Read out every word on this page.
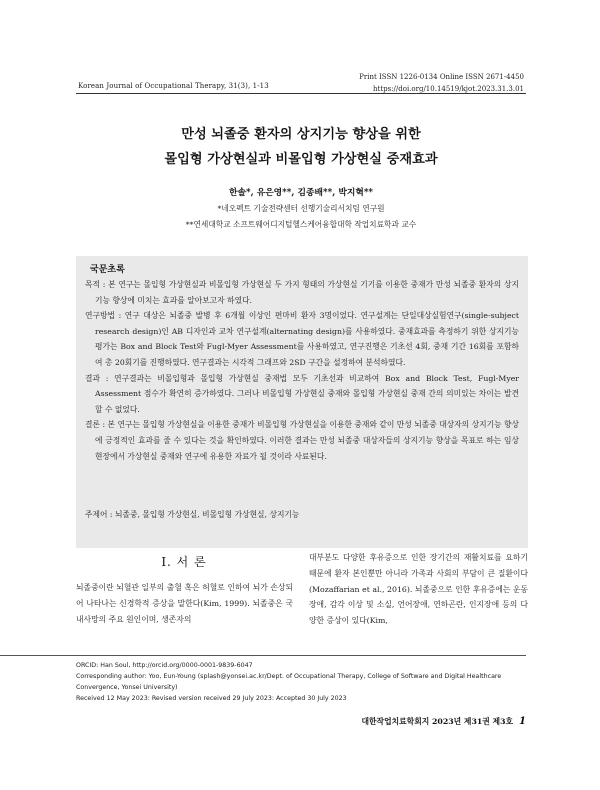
Korean Journal of Occupational Therapy, 31(3), 1-13
Print ISSN 1226-0134 Online ISSN 2671-4450
https://doi.org/10.14519/kjot.2023.31.3.01
만성 뇌졸중 환자의 상지기능 향상을 위한
몰입형 가상현실과 비몰입형 가상현실 중재효과
한솔*, 유은영**, 김종배**, 박지혁**
*네오펙트 기술전략센터 선행기술리서치팀 연구원
**연세대학교 소프트웨어디지털헬스케어융합대학 작업치료학과 교수
국문초록

목적 : 본 연구는 몰입형 가상현실과 비몰입형 가상현실 두 가지 형태의 가상현실 기기를 이용한 중재가 만성 뇌졸중 환자의 상지기능 향상에 미치는 효과를 알아보고자 하였다.

연구방법 : 연구 대상은 뇌졸중 발병 후 6개월 이상인 편마비 환자 3명이었다. 연구설계는 단일대상실험연구(single-subject research design)인 AB 디자인과 교차 연구설계(alternating design)를 사용하였다. 중재효과를 측정하기 위한 상지기능 평가는 Box and Block Test와 Fugl-Myer Assessment를 사용하였고, 연구진행은 기초선 4회, 중재 기간 16회를 포함하여 총 20회기를 진행하였다. 연구결과는 시각적 그래프와 2SD 구간을 설정하여 분석하였다.

결과 : 연구결과는 비몰입형과 몰입형 가상현실 중재법 모두 기초선과 비교하여 Box and Block Test, Fugl-Myer Assessment 점수가 확연히 증가하였다. 그러나 비몰입형 가상현실 중재와 몰입형 가상현실 중재 간의 의미있는 차이는 발견할 수 없었다.

결론 : 본 연구는 몰입형 가상현실을 이용한 중재가 비몰입형 가상현실을 이용한 중재와 같이 만성 뇌졸중 대상자의 상지기능 향상에 긍정적인 효과를 줄 수 있다는 것을 확인하였다. 이러한 결과는 만성 뇌졸중 대상자들의 상지기능 향상을 목표로 하는 임상현장에서 가상현실 중재와 연구에 유용한 자료가 될 것이라 사료된다.

주제어 : 뇌졸중, 몰입형 가상현실, 비몰입형 가상현실, 상지기능
Ⅰ. 서 론

뇌졸중이란 뇌혈관 일부의 출혈 혹은 허혈로 인하여 뇌가 손상되어 나타나는 신경학적 증상을 말한다(Kim, 1999). 뇌졸중은 국내사망의 주요 원인이며, 생존자의

대부분도 다양한 후유증으로 인한 장기간의 재활치료를 요하기 때문에 환자 본인뿐만 아니라 가족과 사회의 부담이 큰 질환이다(Mozaffarian et al., 2016). 뇌졸중으로 인한 후유증에는 운동장애, 감각 이상 및 소실, 언어장애, 연하곤란, 인지장애 등의 다양한 증상이 있다(Kim,

ORCID: Han Soul, http://orcid.org/0000-0001-9839-6047
Corresponding author: Yoo, Eun-Young (splash@yonsei.ac.kr/Dept. of Occupational Therapy, College of Software and Digital Healthcare
Convergence, Yonsei University)
Received 12 May 2023: Revised version received 29 July 2023: Accepted 30 July 2023
대한작업치료학회지 2023년 제31권 제3호 1
